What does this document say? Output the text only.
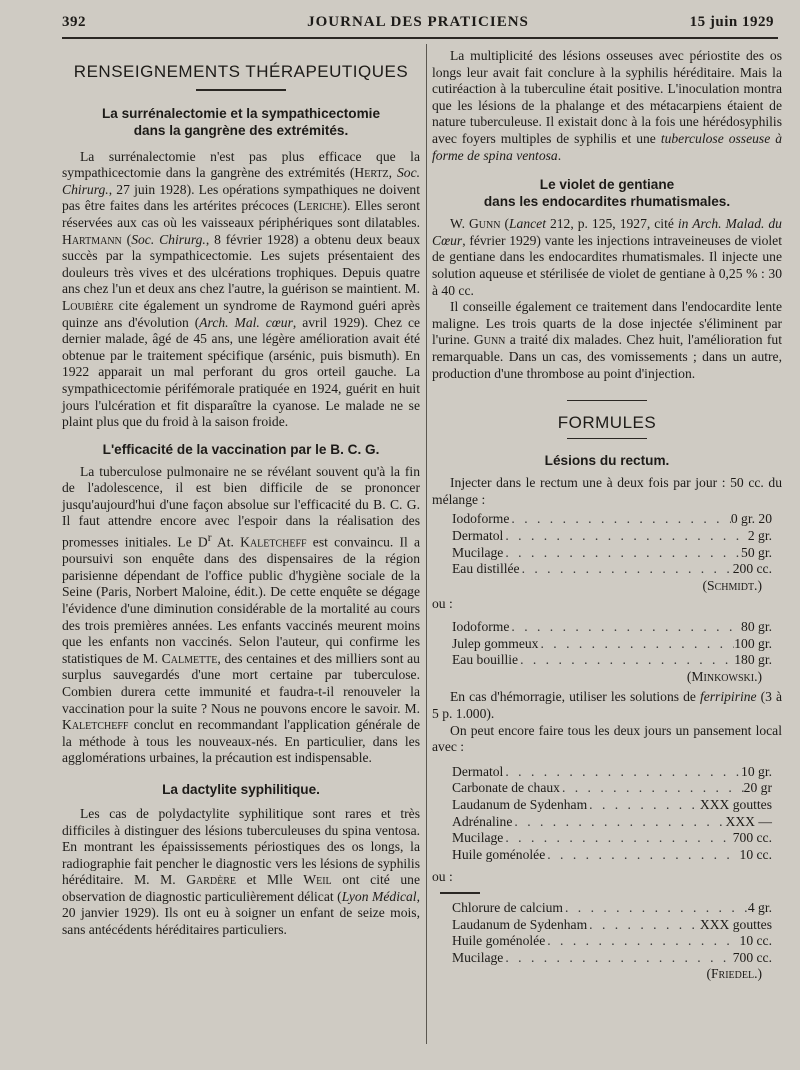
392	JOURNAL DES PRATICIENS	15 juin 1929
RENSEIGNEMENTS THÉRAPEUTIQUES
La surrénalectomie et la sympathicectomie
dans la gangrène des extrémités.

La surrénalectomie n'est pas plus efficace que la sympathicectomie dans la gangrène des extrémités (Hertz, Soc. Chirurg., 27 juin 1928). Les opérations sympathiques ne doivent pas être faites dans les artérites précoces (Leriche). Elles seront réservées aux cas où les vaisseaux périphériques sont dilatables. Hartmann (Soc. Chirurg., 8 février 1928) a obtenu deux beaux succès par la sympathicectomie. Les sujets présentaient des douleurs très vives et des ulcérations trophiques. Depuis quatre ans chez l'un et deux ans chez l'autre, la guérison se maintient. M. Loubière cite également un syndrome de Raymond guéri après quinze ans d'évolution (Arch. Mal. cœur, avril 1929). Chez ce dernier malade, âgé de 45 ans, une légère amélioration avait été obtenue par le traitement spécifique (arsénic, puis bismuth). En 1922 apparait un mal perforant du gros orteil gauche. La sympathicectomie périfémorale pratiquée en 1924, guérit en huit jours l'ulcération et fit disparaître la cyanose. Le malade ne se plaint plus que du froid à la saison froide.

L'efficacité de la vaccination par le B. C. G.

La tuberculose pulmonaire ne se révélant souvent qu'à la fin de l'adolescence, il est bien difficile de se prononcer jusqu'aujourd'hui d'une façon absolue sur l'efficacité du B. C. G. Il faut attendre encore avec l'espoir dans la réalisation des promesses initiales. Le $D^r$ At. Kaletcheff est convaincu. Il a poursuivi son enquête dans des dispensaires de la région parisienne dépendant de l'office public d'hygiène sociale de la Seine (Paris, Norbert Maloine, édit.). De cette enquête se dégage l'évidence d'une diminution considérable de la mortalité au cours des trois premières années. Les enfants vaccinés meurent moins que les enfants non vaccinés. Selon l'auteur, qui confirme les statistiques de M. Calmette, des centaines et des milliers sont au surplus sauvegardés d'une mort certaine par tuberculose. Combien durera cette immunité et faudra-t-il renouveler la vaccination pour la suite ? Nous ne pouvons encore le savoir. M. Kaletcheff conclut en recommandant l'application générale de la méthode à tous les nouveaux-nés. En particulier, dans les agglomérations urbaines, la précaution est indispensable.

La dactylite syphilitique.

Les cas de polydactylite syphilitique sont rares et très difficiles à distinguer des lésions tuberculeuses du spina ventosa. En montrant les épaississements périostiques des os longs, la radiographie fait pencher le diagnostic vers les lésions de syphilis héréditaire. M. M. Gardère et Mlle Weil ont cité une observation de diagnostic particulièrement délicat (Lyon Médical, 20 janvier 1929). Ils ont eu à soigner un enfant de seize mois, sans antécédents héréditaires particuliers.

La multiplicité des lésions osseuses avec périostite des os longs leur avait fait conclure à la syphilis héréditaire. Mais la cutiréaction à la tuberculine était positive. L'inoculation montra que les lésions de la phalange et des métacarpiens étaient de nature tuberculeuse. Il existait donc à la fois une hérédosyphilis avec foyers multiples de syphilis et une tuberculose osseuse à forme de spina ventosa.

Le violet de gentiane
dans les endocardites rhumatismales.

W. Gunn (Lancet 212, p. 125, 1927, cité in Arch. Malad. du Cœur, février 1929) vante les injections intraveineuses de violet de gentiane dans les endocardites rhumatismales. Il injecte une solution aqueuse et stérilisée de violet de gentiane à 0,25 % : 30 à 40 cc.

Il conseille également ce traitement dans l'endocardite lente maligne. Les trois quarts de la dose injectée s'éliminent par l'urine. Gunn a traité dix malades. Chez huit, l'amélioration fut remarquable. Dans un cas, des vomissements ; dans un autre, production d'une thrombose au point d'injection.

FORMULES
Lésions du rectum.

Injecter dans le rectum une à deux fois par jour : 50 cc. du mélange :

Iodoforme . . .	0 gr. 20
Dermatol . . .	2 gr.
Mucilage . . .	50 gr.
Eau distillée . . .	200 cc.
(Schmidt.)
ou :
Iodoforme . . .	80 gr.
Julep gommeux . . .	100 gr.
Eau bouillie . . .	180 gr.
(Minkowski.)

En cas d'hémorragie, utiliser les solutions de ferripirine (3 à 5 p. 1.000).

On peut encore faire tous les deux jours un pansement local avec :

Dermatol . . .	10 gr.
Carbonate de chaux . . .	20 gr
Laudanum de Sydenham . . .	XXX gouttes
Adrénaline . . .	XXX —
Mucilage . . .	700 cc.
Huile goménolée . . .	10 cc.
ou :
Chlorure de calcium . . .	4 gr.
Laudanum de Sydenham . . .	XXX gouttes
Huile goménolée . . .	10 cc.
Mucilage . . .	700 cc.
(Friedel.)
